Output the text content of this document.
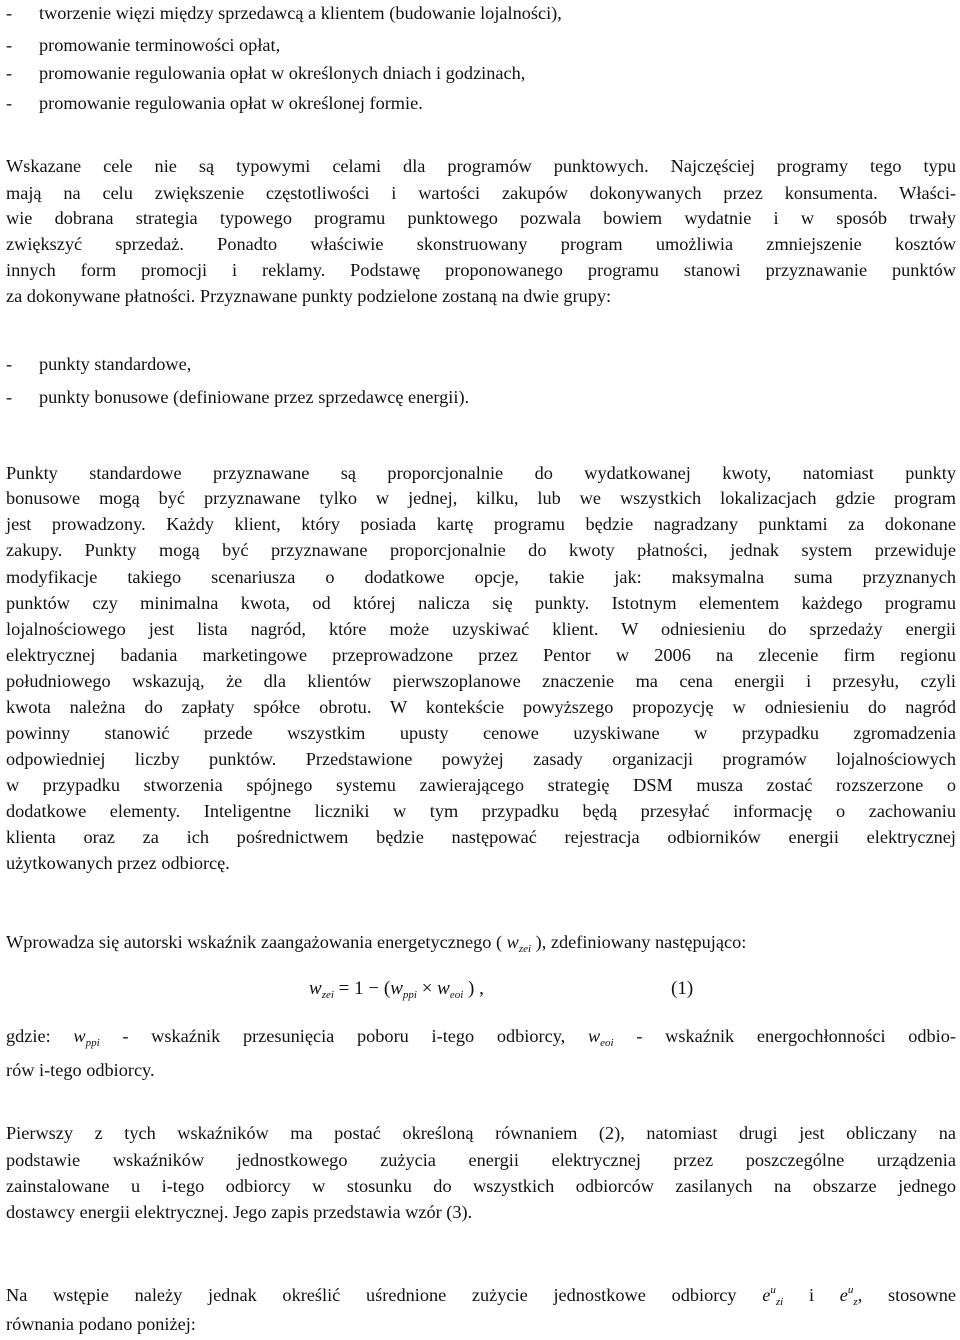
- tworzenie więzi między sprzedawcą a klientem (budowanie lojalności),
- promowanie terminowości opłat,
- promowanie regulowania opłat w określonych dniach i godzinach,
- promowanie regulowania opłat w określonej formie.
Wskazane cele nie są typowymi celami dla programów punktowych. Najczęściej programy tego typu
mają na celu zwiększenie częstotliwości i wartości zakupów dokonywanych przez konsumenta. Właści-
wie dobrana strategia typowego programu punktowego pozwala bowiem wydatnie i w sposób trwały
zwiększyć sprzedaż. Ponadto właściwie skonstruowany program umożliwia zmniejszenie kosztów
innych form promocji i reklamy. Podstawę proponowanego programu stanowi przyznawanie punktów
za dokonywane płatności. Przyznawane punkty podzielone zostaną na dwie grupy:
- punkty standardowe,
- punkty bonusowe (definiowane przez sprzedawcę energii).
Punkty standardowe przyznawane są proporcjonalnie do wydatkowanej kwoty, natomiast punkty
bonusowe mogą być przyznawane tylko w jednej, kilku, lub we wszystkich lokalizacjach gdzie program
jest prowadzony. Każdy klient, który posiada kartę programu będzie nagradzany punktami za dokonane
zakupy. Punkty mogą być przyznawane proporcjonalnie do kwoty płatności, jednak system przewiduje
modyfikacje takiego scenariusza o dodatkowe opcje, takie jak: maksymalna suma przyznanych
punktów czy minimalna kwota, od której nalicza się punkty. Istotnym elementem każdego programu
lojalnościowego jest lista nagród, które może uzyskiwać klient. W odniesieniu do sprzedaży energii
elektrycznej badania marketingowe przeprowadzone przez Pentor w 2006 na zlecenie firm regionu
południowego wskazują, że dla klientów pierwszoplanowe znaczenie ma cena energii i przesyłu, czyli
kwota należna do zapłaty spółce obrotu. W kontekście powyższego propozycję w odniesieniu do nagród
powinny stanowić przede wszystkim upusty cenowe uzyskiwane w przypadku zgromadzenia
odpowiedniej liczby punktów. Przedstawione powyżej zasady organizacji programów lojalnościowych
w przypadku stworzenia spójnego systemu zawierającego strategię DSM musza zostać rozszerzone o
dodatkowe elementy. Inteligentne liczniki w tym przypadku będą przesyłać informację o zachowaniu
klienta oraz za ich pośrednictwem będzie następować rejestracja odbiorników energii elektrycznej
użytkowanych przez odbiorcę.
Wprowadza się autorski wskaźnik zaangażowania energetycznego ( $w_{zei}$ ), zdefiniowany następująco:
$w_{zei} = 1 - (w_{ppi} \times w_{eoi}$ ) ,	(1)
gdzie: $w_{ppi}$ - wskaźnik przesunięcia poboru i-tego odbiorcy, $w_{eoi}$ - wskaźnik energochłonności odbio-
rów i-tego odbiorcy.
Pierwszy z tych wskaźników ma postać określoną równaniem (2), natomiast drugi jest obliczany na
podstawie wskaźników jednostkowego zużycia energii elektrycznej przez poszczególne urządzenia
zainstalowane u i-tego odbiorcy w stosunku do wszystkich odbiorców zasilanych na obszarze jednego
dostawcy energii elektrycznej. Jego zapis przedstawia wzór (3).
Na wstępie należy jednak określić uśrednione zużycie jednostkowe odbiorcy $e^u_{zi}$ i $e^u_z$, stosowne
równania podano poniżej:
